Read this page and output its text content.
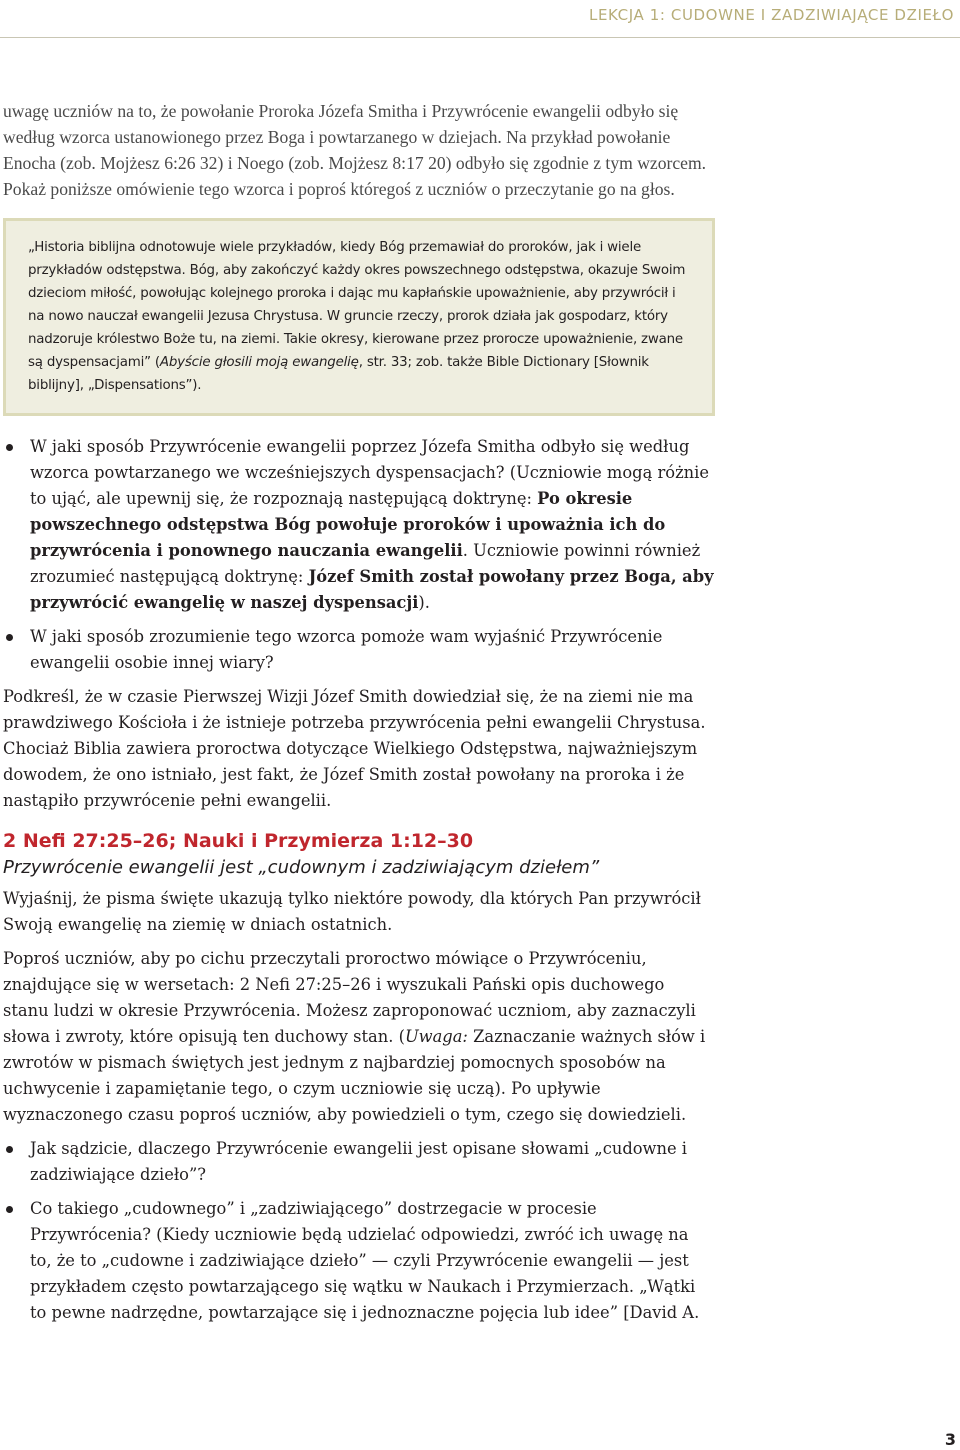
LEKCJA 1: CUDOWNE I ZADZIWIAJĄCE DZIEŁO

uwagę uczniów na to, że powołanie Proroka Józefa Smitha i Przywrócenie ewangelii odbyło się według wzorca ustanowionego przez Boga i powtarzanego w dziejach. Na przykład powołanie Enocha (zob. Mojżesz 6:26 32) i Noego (zob. Mojżesz 8:17 20) odbyło się zgodnie z tym wzorcem. Pokaż poniższe omówienie tego wzorca i poproś któregoś z uczniów o przeczytanie go na głos.

„Historia biblijna odnotowuje wiele przykładów, kiedy Bóg przemawiał do proroków, jak i wiele przykładów odstępstwa. Bóg, aby zakończyć każdy okres powszechnego odstępstwa, okazuje Swoim dzieciom miłość, powołując kolejnego proroka i dając mu kapłańskie upoważnienie, aby przywrócił i na nowo nauczał ewangelii Jezusa Chrystusa. W gruncie rzeczy, prorok działa jak gospodarz, który nadzoruje królestwo Boże tu, na ziemi. Takie okresy, kierowane przez prorocze upoważnienie, zwane są dyspensacjami” (Abyście głosili moją ewangelię, str. 33; zob. także Bible Dictionary [Słownik biblijny], „Dispensations”).
W jaki sposób Przywrócenie ewangelii poprzez Józefa Smitha odbyło się według wzorca powtarzanego we wcześniejszych dyspensacjach? (Uczniowie mogą różnie to ująć, ale upewnij się, że rozpoznają następującą doktrynę: Po okresie powszechnego odstępstwa Bóg powołuje proroków i upoważnia ich do przywrócenia i ponownego nauczania ewangelii. Uczniowie powinni również zrozumieć następującą doktrynę: Józef Smith został powołany przez Boga, aby przywrócić ewangelię w naszej dyspensacji).
W jaki sposób zrozumienie tego wzorca pomoże wam wyjaśnić Przywrócenie ewangelii osobie innej wiary?

Podkreśl, że w czasie Pierwszej Wizji Józef Smith dowiedział się, że na ziemi nie ma prawdziwego Kościoła i że istnieje potrzeba przywrócenia pełni ewangelii Chrystusa. Chociaż Biblia zawiera proroctwa dotyczące Wielkiego Odstępstwa, najważniejszym dowodem, że ono istniało, jest fakt, że Józef Smith został powołany na proroka i że nastąpiło przywrócenie pełni ewangelii.

2 Nefi 27:25–26; Nauki i Przymierza 1:12–30
Przywrócenie ewangelii jest „cudownym i zadziwiającym dziełem”

Wyjaśnij, że pisma święte ukazują tylko niektóre powody, dla których Pan przywrócił Swoją ewangelię na ziemię w dniach ostatnich.

Poproś uczniów, aby po cichu przeczytali proroctwo mówiące o Przywróceniu, znajdujące się w wersetach: 2 Nefi 27:25–26 i wyszukali Pański opis duchowego stanu ludzi w okresie Przywrócenia. Możesz zaproponować uczniom, aby zaznaczyli słowa i zwroty, które opisują ten duchowy stan. (Uwaga: Zaznaczanie ważnych słów i zwrotów w pismach świętych jest jednym z najbardziej pomocnych sposobów na uchwycenie i zapamiętanie tego, o czym uczniowie się uczą). Po upływie wyznaczonego czasu poproś uczniów, aby powiedzieli o tym, czego się dowiedzieli.

Jak sądzicie, dlaczego Przywrócenie ewangelii jest opisane słowami „cudowne i zadziwiające dzieło”?
Co takiego „cudownego” i „zadziwiającego” dostrzegacie w procesie Przywrócenia? (Kiedy uczniowie będą udzielać odpowiedzi, zwróć ich uwagę na to, że to „cudowne i zadziwiające dzieło” — czyli Przywrócenie ewangelii — jest przykładem często powtarzającego się wątku w Naukach i Przymierzach. „Wątki to pewne nadrzędne, powtarzające się i jednoznaczne pojęcia lub idee” [David A.
3
